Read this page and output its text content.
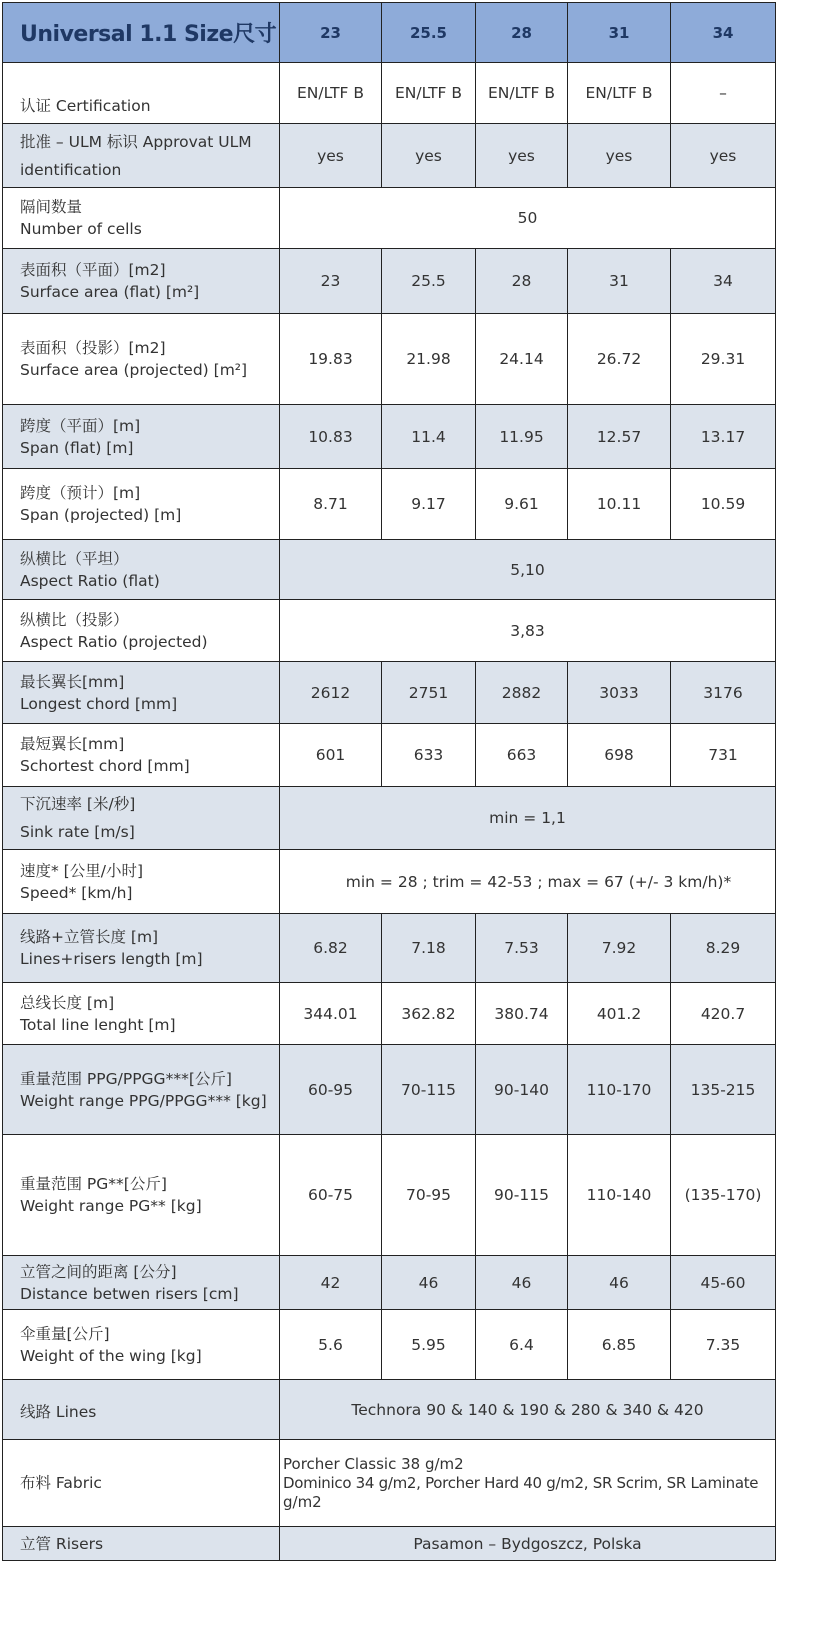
Universal 1.1 Size尺寸	23	25.5	28	31	34

认证 Certification	EN/LTF B	EN/LTF B	EN/LTF B	EN/LTF B	–

批准 – ULM 标识 Approvat ULM
identification	yes	yes	yes	yes	yes

隔间数量
Number of cells	50				

表面积（平面）[m2]
Surface area (flat) [m²]	23	25.5	28	31	34

表面积（投影）[m2]
Surface area (projected) [m²]	19.83	21.98	24.14	26.72	29.31

跨度（平面）[m]
Span (flat) [m]	10.83	11.4	11.95	12.57	13.17

跨度（预计）[m]
Span (projected) [m]	8.71	9.17	9.61	10.11	10.59

纵横比（平坦）
Aspect Ratio (flat)	5,10				

纵横比（投影）
Aspect Ratio (projected)	3,83				

最长翼长[mm]
Longest chord [mm]	2612	2751	2882	3033	3176

最短翼长[mm]
Schortest chord [mm]	601	633	663	698	731

下沉速率 [米/秒]
Sink rate [m/s]	min = 1,1				

速度* [公里/小时]
Speed* [km/h]	min = 28 ; trim = 42-53 ; max = 67 (+/- 3 km/h)*				

线路+立管长度 [m]
Lines+risers length [m]	6.82	7.18	7.53	7.92	8.29

总线长度 [m]
Total line lenght [m]	344.01	362.82	380.74	401.2	420.7

重量范围 PPG/PPGG***[公斤]
Weight range PPG/PPGG*** [kg]	60-95	70-115	90-140	110-170	135-215

重量范围 PG**[公斤]
Weight range PG** [kg]	60-75	70-95	90-115	110-140	(135-170)

立管之间的距离 [公分]
Distance betwen risers [cm]	42	46	46	46	45-60

伞重量[公斤]
Weight of the wing [kg]	5.6	5.95	6.4	6.85	7.35

线路 Lines	Technora 90 & 140 & 190 & 280 & 340 & 420				

布料 Fabric	Porcher Classic 38 g/m2
Dominico 34 g/m2, Porcher Hard 40 g/m2, SR Scrim, SR Laminate
g/m2				

立管 Risers	Pasamon – Bydgoszcz, Polska				
